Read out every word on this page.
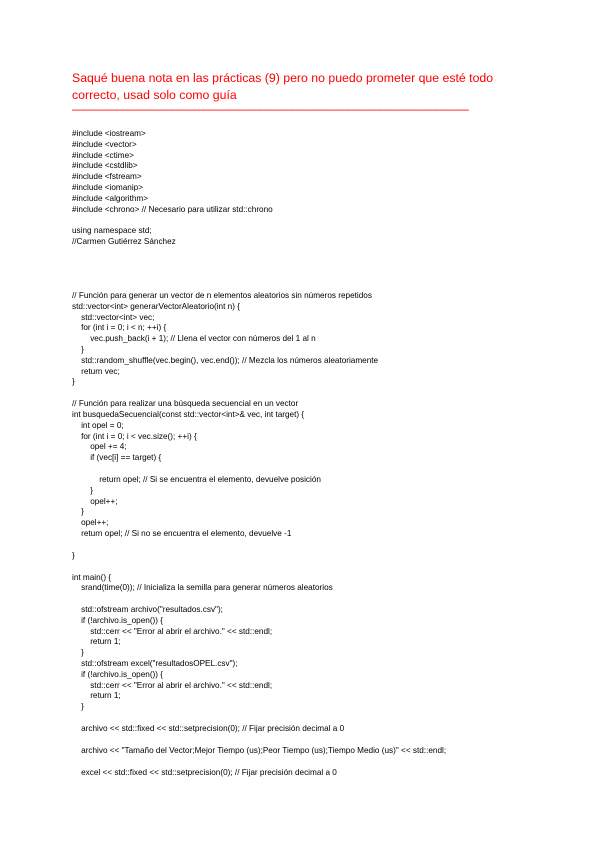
Saqué buena nota en las prácticas (9) pero no puedo prometer que esté todo correcto, usad solo como guía
————————————————————————————————————
#include <iostream>
#include <vector>
#include <ctime>
#include <cstdlib>
#include <fstream>
#include <iomanip>
#include <algorithm>
#include <chrono> // Necesario para utilizar std::chrono
using namespace std;
//Carmen Gutiérrez Sánchez
// Función para generar un vector de n elementos aleatorios sin números repetidos
std::vector<int> generarVectorAleatorio(int n) {
std::vector<int> vec;
for (int i = 0; i < n; ++i) {
vec.push_back(i + 1); // Llena el vector con números del 1 al n
}
std::random_shuffle(vec.begin(), vec.end()); // Mezcla los números aleatoriamente
return vec;
}
// Función para realizar una búsqueda secuencial en un vector
int busquedaSecuencial(const std::vector<int>& vec, int target) {
int opel = 0;
for (int i = 0; i < vec.size(); ++i) {
opel += 4;
if (vec[i] == target) {
return opel; // Si se encuentra el elemento, devuelve posición
}
opel++;
}
opel++;
return opel; // Si no se encuentra el elemento, devuelve -1
}
int main() {
srand(time(0)); // Inicializa la semilla para generar números aleatorios
std::ofstream archivo("resultados.csv");
if (!archivo.is_open()) {
std::cerr << "Error al abrir el archivo." << std::endl;
return 1;
}
std::ofstream excel("resultadosOPEL.csv");
if (!archivo.is_open()) {
std::cerr << "Error al abrir el archivo." << std::endl;
return 1;
}
archivo << std::fixed << std::setprecision(0); // Fijar precisión decimal a 0
archivo << "Tamaño del Vector;Mejor Tiempo (us);Peor Tiempo (us);Tiempo Medio (us)" << std::endl;
excel << std::fixed << std::setprecision(0); // Fijar precisión decimal a 0
